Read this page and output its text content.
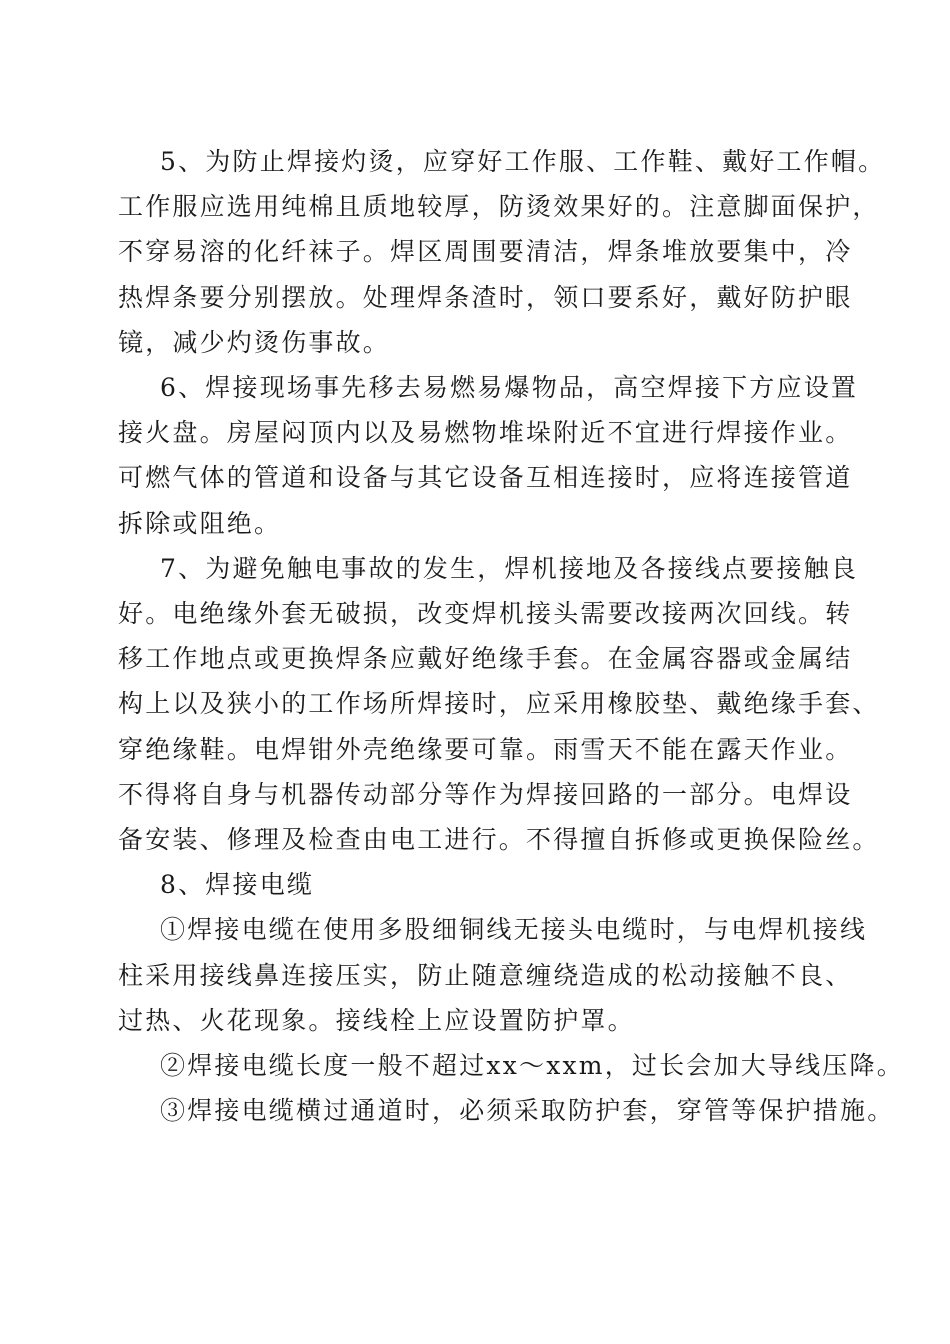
5、为防止焊接灼烫，应穿好工作服、工作鞋、戴好工作帽。
工作服应选用纯棉且质地较厚，防烫效果好的。注意脚面保护，
不穿易溶的化纤袜子。焊区周围要清洁，焊条堆放要集中，冷
热焊条要分别摆放。处理焊条渣时，领口要系好，戴好防护眼
镜，减少灼烫伤事故。

6、焊接现场事先移去易燃易爆物品，高空焊接下方应设置
接火盘。房屋闷顶内以及易燃物堆垛附近不宜进行焊接作业。
可燃气体的管道和设备与其它设备互相连接时，应将连接管道
拆除或阻绝。

7、为避免触电事故的发生，焊机接地及各接线点要接触良
好。电绝缘外套无破损，改变焊机接头需要改接两次回线。转
移工作地点或更换焊条应戴好绝缘手套。在金属容器或金属结
构上以及狭小的工作场所焊接时，应采用橡胶垫、戴绝缘手套、
穿绝缘鞋。电焊钳外壳绝缘要可靠。雨雪天不能在露天作业。
不得将自身与机器传动部分等作为焊接回路的一部分。电焊设
备安装、修理及检查由电工进行。不得擅自拆修或更换保险丝。

8、焊接电缆

①焊接电缆在使用多股细铜线无接头电缆时，与电焊机接线
柱采用接线鼻连接压实，防止随意缠绕造成的松动接触不良、
过热、火花现象。接线栓上应设置防护罩。

②焊接电缆长度一般不超过xx～xxm，过长会加大导线压降。

③焊接电缆横过通道时，必须采取防护套，穿管等保护措施。
